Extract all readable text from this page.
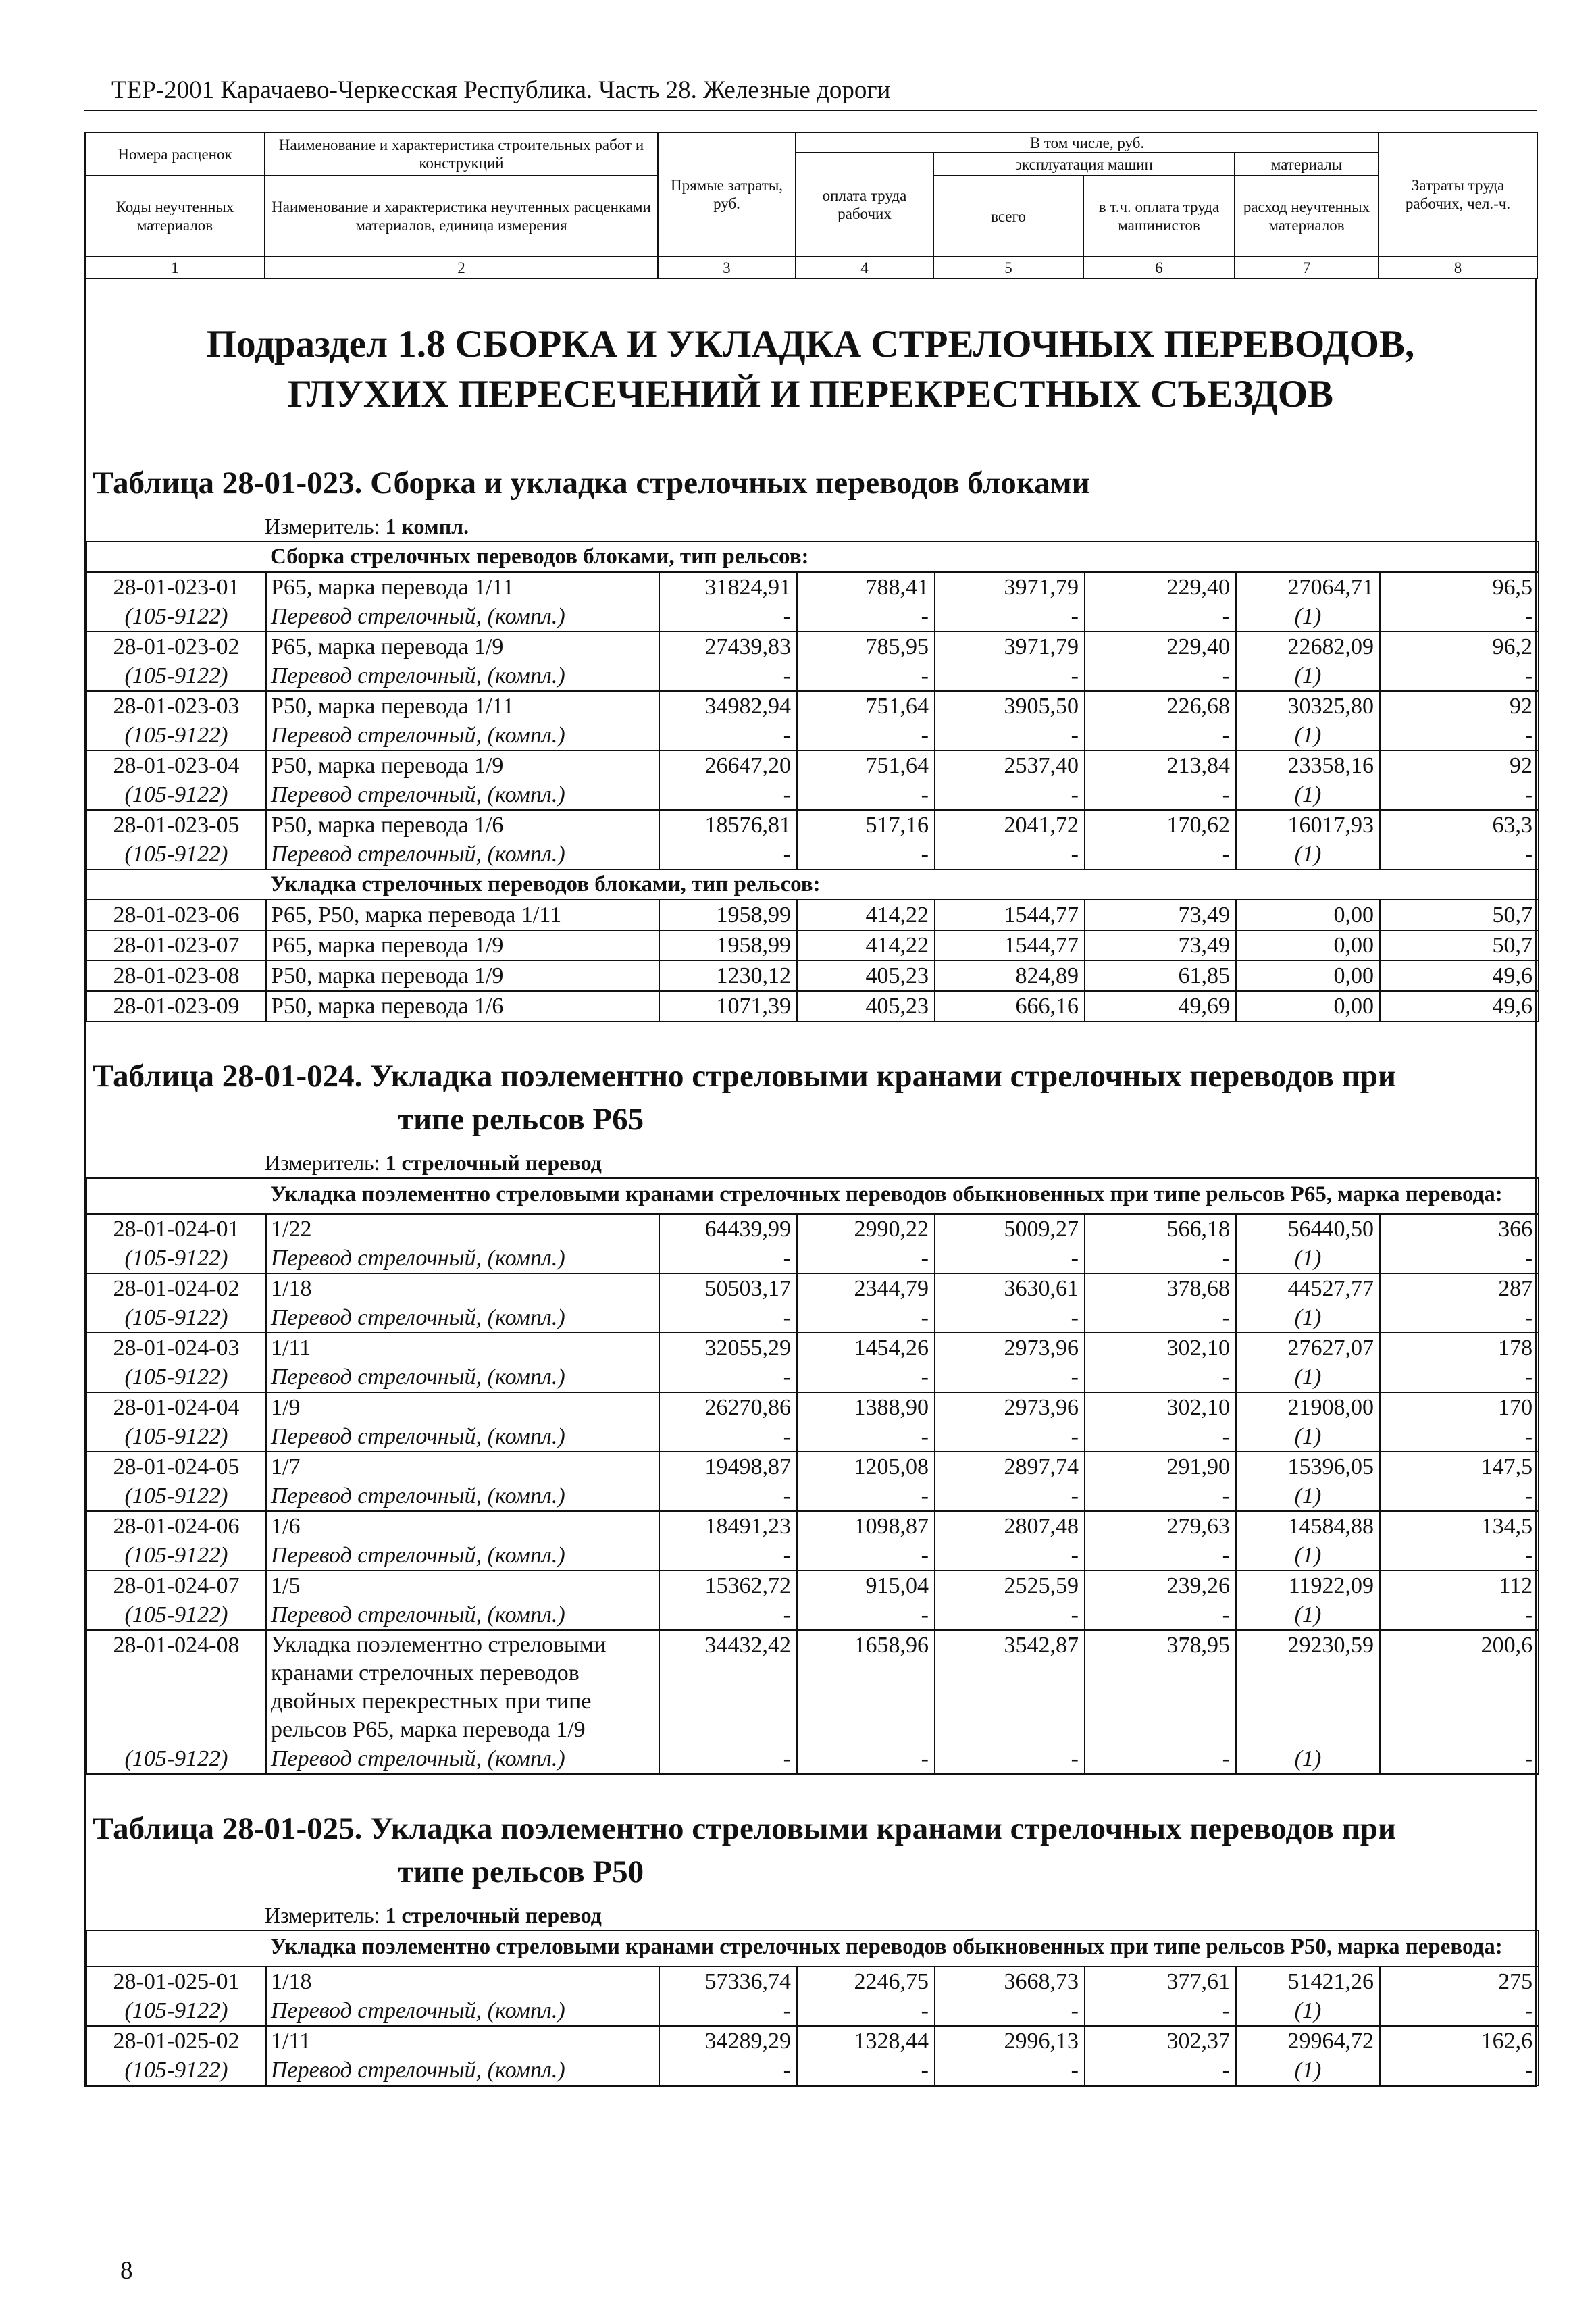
ТЕР-2001 Карачаево-Черкесская Республика. Часть 28. Железные дороги
Номера расценок	Наименование и характеристика строительных работ и конструкций	Прямые затраты, руб.	В том числе, руб.				Затраты труда рабочих, чел.-ч.
			оплата труда рабочих	эксплуатация машин		материалы	
Коды неучтенных материалов	Наименование и характеристика неучтенных расценками материалов, единица измерения			всего	в т.ч. оплата труда машинистов	расход неучтенных материалов	

1	2	3	4	5	6	7	8
Подраздел 1.8 СБОРКА И УКЛАДКА СТРЕЛОЧНЫХ ПЕРЕВОДОВ, ГЛУХИХ ПЕРЕСЕЧЕНИЙ И ПЕРЕКРЕСТНЫХ СЪЕЗДОВ
Таблица 28-01-023. Сборка и укладка стрелочных переводов блоками
Измеритель: 1 компл.
	Сборка стрелочных переводов блоками, тип рельсов:						
28-01-023-01	Р65, марка перевода 1/11	31824,91	788,41	3971,79	229,40	27064,71	96,5
(105-9122)	Перевод стрелочный, (компл.)	-	-	-	-	(1)	-
28-01-023-02	Р65, марка перевода 1/9	27439,83	785,95	3971,79	229,40	22682,09	96,2
(105-9122)	Перевод стрелочный, (компл.)	-	-	-	-	(1)	-
28-01-023-03	Р50, марка перевода 1/11	34982,94	751,64	3905,50	226,68	30325,80	92
(105-9122)	Перевод стрелочный, (компл.)	-	-	-	-	(1)	-
28-01-023-04	Р50, марка перевода 1/9	26647,20	751,64	2537,40	213,84	23358,16	92
(105-9122)	Перевод стрелочный, (компл.)	-	-	-	-	(1)	-
28-01-023-05	Р50, марка перевода 1/6	18576,81	517,16	2041,72	170,62	16017,93	63,3
(105-9122)	Перевод стрелочный, (компл.)	-	-	-	-	(1)	-
	Укладка стрелочных переводов блоками, тип рельсов:						
28-01-023-06	Р65, Р50, марка перевода 1/11	1958,99	414,22	1544,77	73,49	0,00	50,7
28-01-023-07	Р65, марка перевода 1/9	1958,99	414,22	1544,77	73,49	0,00	50,7
28-01-023-08	Р50, марка перевода 1/9	1230,12	405,23	824,89	61,85	0,00	49,6
28-01-023-09	Р50, марка перевода 1/6	1071,39	405,23	666,16	49,69	0,00	49,6
Таблица 28-01-024. Укладка поэлементно стреловыми кранами стрелочных переводов при
типе рельсов Р65
Измеритель: 1 стрелочный перевод
	Укладка поэлементно стреловыми кранами стрелочных переводов обыкновенных при типе рельсов Р65, марка перевода:						
28-01-024-01	1/22	64439,99	2990,22	5009,27	566,18	56440,50	366
(105-9122)	Перевод стрелочный, (компл.)	-	-	-	-	(1)	-
28-01-024-02	1/18	50503,17	2344,79	3630,61	378,68	44527,77	287
(105-9122)	Перевод стрелочный, (компл.)	-	-	-	-	(1)	-
28-01-024-03	1/11	32055,29	1454,26	2973,96	302,10	27627,07	178
(105-9122)	Перевод стрелочный, (компл.)	-	-	-	-	(1)	-
28-01-024-04	1/9	26270,86	1388,90	2973,96	302,10	21908,00	170
(105-9122)	Перевод стрелочный, (компл.)	-	-	-	-	(1)	-
28-01-024-05	1/7	19498,87	1205,08	2897,74	291,90	15396,05	147,5
(105-9122)	Перевод стрелочный, (компл.)	-	-	-	-	(1)	-
28-01-024-06	1/6	18491,23	1098,87	2807,48	279,63	14584,88	134,5
(105-9122)	Перевод стрелочный, (компл.)	-	-	-	-	(1)	-
28-01-024-07	1/5	15362,72	915,04	2525,59	239,26	11922,09	112
(105-9122)	Перевод стрелочный, (компл.)	-	-	-	-	(1)	-
28-01-024-08	Укладка поэлементно стреловыми кранами стрелочных переводов двойных перекрестных при типе рельсов Р65, марка перевода 1/9	34432,42	1658,96	3542,87	378,95	29230,59	200,6
(105-9122)	Перевод стрелочный, (компл.)	-	-	-	-	(1)	-
Таблица 28-01-025. Укладка поэлементно стреловыми кранами стрелочных переводов при
типе рельсов Р50
Измеритель: 1 стрелочный перевод
	Укладка поэлементно стреловыми кранами стрелочных переводов обыкновенных при типе рельсов Р50, марка перевода:						
28-01-025-01	1/18	57336,74	2246,75	3668,73	377,61	51421,26	275
(105-9122)	Перевод стрелочный, (компл.)	-	-	-	-	(1)	-
28-01-025-02	1/11	34289,29	1328,44	2996,13	302,37	29964,72	162,6
(105-9122)	Перевод стрелочный, (компл.)	-	-	-	-	(1)	-
8
